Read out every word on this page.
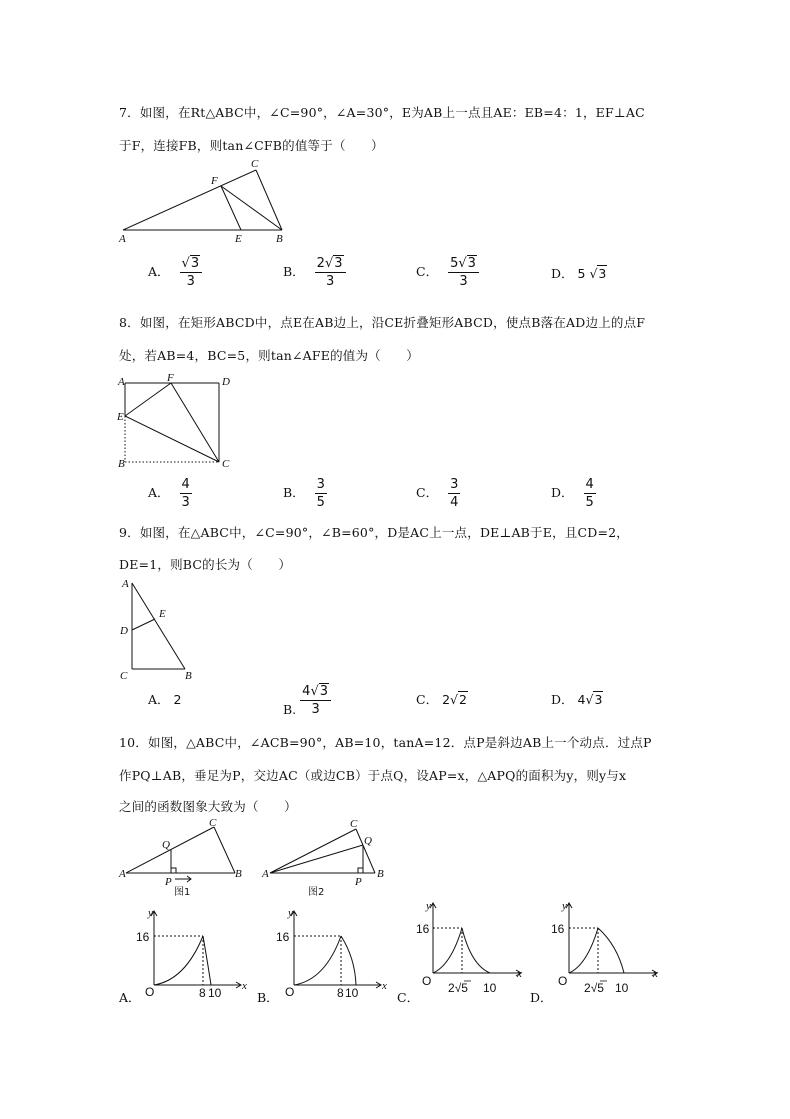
7．如图，在Rt△ABC中，∠C=90°，∠A=30°，E为AB上一点且AE：EB=4：1，EF⊥AC
于F，连接FB，则tan∠CFB的值等于（　　）
A	E	B
C
F
A． $\frac{√3}{3}$	B． $\frac{2√3}{3}$	C． $\frac{5√3}{3}$	D． 5 √3
8．如图，在矩形ABCD中，点E在AB边上，沿CE折叠矩形ABCD，使点B落在AD边上的点F
处，若AB=4，BC=5，则tan∠AFE的值为（　　）
A	F	D
E
B	C
A． $\frac{4}{3}$	B． $\frac{3}{5}$	C． $\frac{3}{4}$	D． $\frac{4}{5}$
9．如图，在△ABC中，∠C=90°，∠B=60°，D是AC上一点，DE⊥AB于E，且CD=2，
DE=1，则BC的长为（　　）
A
E
D
C	B
A． 2
B. $\frac{4√3}{3}$	C． 2√2	D． 4√3
10．如图，△ABC中，∠ACB=90°，AB=10，tanA=12．点P是斜边AB上一个动点．过点P
作PQ⊥AB，垂足为P，交边AC（或边CB）于点Q，设AP=x，△APQ的面积为y，则y与x
之间的函数图象大致为（　　）
A	B
C
Q
P
图1
A	B
C
Q
P
图2
A．
y
x
O
16
8 10	B．
y
x
O
16
8 10	C．
y
x
O
16
2√5 10
D．
y
x
O
16
2√5 10
